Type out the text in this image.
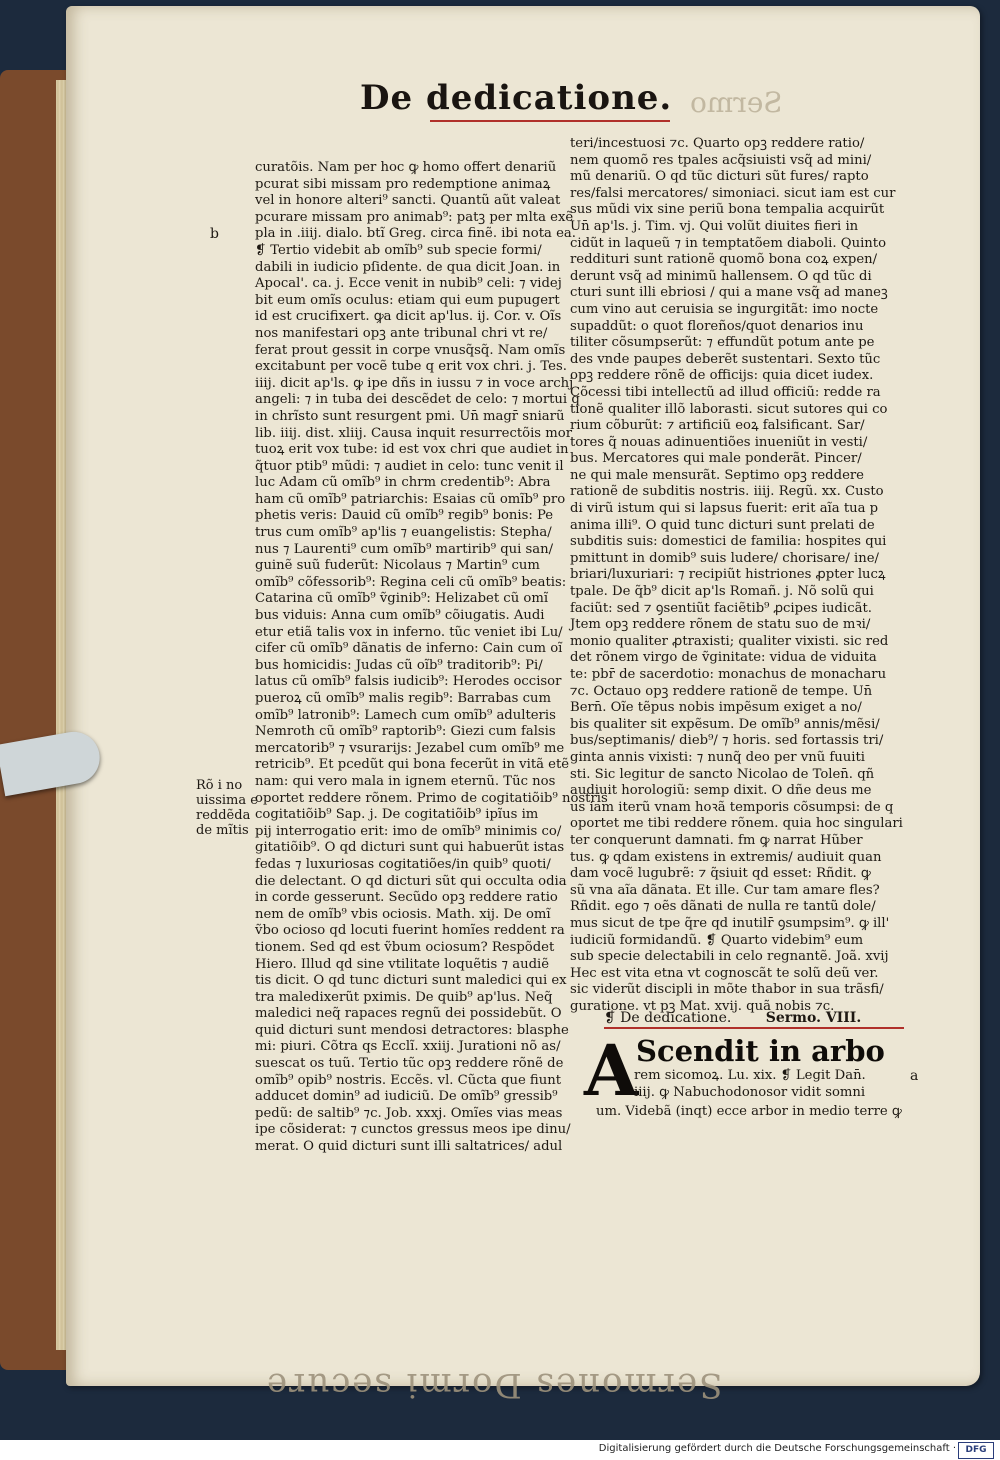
Sermo
De dedicatione.
b
Rõ i no
uissima e
reddẽda
de mĩtis
curatõis. Nam per hoc ꝙ homo offert denariũ
pcurat sibi missam pro redemptione animaꝝ
vel in honore alteri⁹ sancti. Quantũ aũt valeat
pcurare missam pro animab⁹: patꝫ per mlta exẽ
pla in .iiij. dialo. btĩ Greg. circa finẽ. ibi nota ea.
❡ Tertio videbit ab omĩb⁹ sub specie formi/
dabili in iudicio pſidente. de qua dicit Joan. in
Apocal'. ca. j. Ecce venit in nubib⁹ celi: ⁊ videj
bit eum omĩs oculus: etiam qui eum pupugert
id est crucifixert. ꝙa dicit ap'lus. ij. Cor. v. Oĩs
nos manifestari opꝫ ante tribunal chri vt re/
ferat prout gessit in corpe vnusq̃sq̃. Nam omĩs
excitabunt per vocẽ tube q erit vox chri. j. Tes.
iiij. dicit ap'ls. ꝙ ipe dñs in iussu ⁊ in voce archj
angeli: ⁊ in tuba dei descẽdet de celo: ⁊ mortui q
in chrĩsto sunt resurgent pmi. Un̄ magr̄ sniarũ
lib. iiij. dist. xliij. Causa inquit resurrectõis mor
tuoꝝ erit vox tube: id est vox chri que audiet in
q̃tuor ptib⁹ mũdi: ⁊ audiet in celo: tunc venit il
luc Adam cũ omĩb⁹ in chrm credentib⁹: Abra
ham cũ omĩb⁹ patriarchis: Esaias cũ omĩb⁹ pro
phetis veris: Dauid cũ omĩb⁹ regib⁹ bonis: Pe
trus cum omĩb⁹ ap'lis ⁊ euangelistis: Stepha/
nus ⁊ Laurenti⁹ cum omĩb⁹ martirib⁹ qui san/
guinẽ suũ fuderũt: Nicolaus ⁊ Martin⁹ cum
omĩb⁹ cõfessorib⁹: Regina celi cũ omĩb⁹ beatis:
Catarina cũ omĩb⁹ ṽginib⁹: Helizabet cũ omĩ
bus viduis: Anna cum omĩb⁹ cõiugatis. Audi
etur etiã talis vox in inferno. tũc veniet ibi Lu/
cifer cũ omĩb⁹ dãnatis de inferno: Cain cum oĩ
bus homicidis: Judas cũ oĩb⁹ traditorib⁹: Pi/
latus cũ omĩb⁹ falsis iudicib⁹: Herodes occisor
pueroꝝ cũ omĩb⁹ malis regib⁹: Barrabas cum
omĩb⁹ latronib⁹: Lamech cum omĩb⁹ adulteris
Nemroth cũ omĩb⁹ raptorib⁹: Giezi cum falsis
mercatorib⁹ ⁊ vsurarijs: Jezabel cum omĩb⁹ me
retricib⁹. Et pcedũt qui bona fecerũt in vitã etẽ
nam: qui vero mala in ignem eternũ. Tũc nos
oportet reddere rõnem. Primo de cogitatiõib⁹ nostris
cogitatiõib⁹ Sap. j. De cogitatiõib⁹ ipĩus im
pij interrogatio erit: imo de omĩb⁹ minimis co/
gitatiõib⁹. O qd dicturi sunt qui habuerũt istas
fedas ⁊ luxuriosas cogitatiões/in quib⁹ quoti/
die delectant. O qd dicturi sũt qui occulta odia
in corde gesserunt. Secũdo opꝫ reddere ratio
nem de omĩb⁹ vbis ociosis. Math. xij. De omĩ
ṽbo ocioso qd locuti fuerint homĩes reddent ra
tionem. Sed qd est ṽbum ociosum? Respõdet
Hiero. Illud qd sine vtilitate loquẽtis ⁊ audiẽ
tis dicit. O qd tunc dicturi sunt maledici qui ex
tra maledixerũt pximis. De quib⁹ ap'lus. Neq̃
maledici neq̃ rapaces regnũ dei possidebũt. O
quid dicturi sunt mendosi detractores: blasphe
mi: piuri. Cõtra qs Ecclĩ. xxiij. Jurationi nõ as/
suescat os tuũ. Tertio tũc opꝫ reddere rõnẽ de
omĩb⁹ opib⁹ nostris. Eccẽs. vl. Cũcta que fiunt
adducet domin⁹ ad iudiciũ. De omĩb⁹ gressib⁹
pedũ: de saltib⁹ ⁊c. Job. xxxj. Omĩes vias meas
ipe cõsiderat: ⁊ cunctos gressus meos ipe dinu/
merat. O quid dicturi sunt illi saltatrices/ adul
teri/incestuosi ⁊c. Quarto opꝫ reddere ratio/
nem quomõ res tpales acq̃siuisti vsq̃ ad mini/
mũ denariũ. O qd tũc dicturi sũt fures/ rapto
res/falsi mercatores/ simoniaci. sicut iam est cur
sus mũdi vix sine periũ bona tempalia acquirũt
Un̄ ap'ls. j. Tim. vj. Qui volũt diuites fieri in
cidũt in laqueũ ⁊ in temptatõem diaboli. Quinto
reddituri sunt rationẽ quomõ bona coꝝ expen/
derunt vsq̃ ad minimũ hallensem. O qd tũc di
cturi sunt illi ebriosi / qui a mane vsq̃ ad maneꝫ
cum vino aut ceruisia se ingurgitãt: imo nocte
supaddũt: o quot floreños/quot denarios inu
tiliter cõsumpserũt: ⁊ effundũt potum ante pe
des vnde paupes deberẽt sustentari. Sexto tũc
opꝫ reddere rõnẽ de officijs: quia dicet iudex.
Cõcessi tibi intellectũ ad illud officiũ: redde ra
tionẽ qualiter illõ laborasti. sicut sutores qui co
rium cõburũt: ⁊ artificiũ eoꝝ falsificant. Sar/
tores q̃ nouas adinuentiões inueniũt in vesti/
bus. Mercatores qui male ponderãt. Pincer/
ne qui male mensurãt. Septimo opꝫ reddere
rationẽ de subditis nostris. iiij. Regũ. xx. Custo
di virũ istum qui si lapsus fuerit: erit aĩa tua p
anima illi⁹. O quid tunc dicturi sunt prelati de
subditis suis: domestici de familia: hospites qui
pmittunt in domib⁹ suis ludere/ chorisare/ ine/
briari/luxuriari: ⁊ recipiũt histriones ꝓpter lucꝝ
tpale. De q̃b⁹ dicit ap'ls Romañ. j. Nõ solũ qui
faciũt: sed ⁊ ꝯsentiũt faciẽtib⁹ ꝓcipes iudicãt.
Jtem opꝫ reddere rõnem de statu suo de mꝛi/
monio qualiter ꝓtraxisti; qualiter vixisti. sic red
det rõnem virgo de ṽginitate: vidua de viduita
te: pbr̄ de sacerdotio: monachus de monacharu
⁊c. Octauo opꝫ reddere rationẽ de tempe. Un̄
Bern̄. Oĩe tẽpus nobis impẽsum exiget a no/
bis qualiter sit expẽsum. De omĩb⁹ annis/mẽsi/
bus/septimanis/ dieb⁹/ ⁊ horis. sed fortassis tri/
ginta annis vixisti: ⁊ nunq̃ deo per vnũ fuuiti
sti. Sic legitur de sancto Nicolao de Tolen̄. qñ
audiuit horologiũ: semp dixit. O dñe deus me
us iam iterũ vnam hoꝛã temporis cõsumpsi: de q
oportet me tibi reddere rõnem. quia hoc singulari
ter conquerunt damnati. fm ꝙ narrat Hũber
tus. ꝙ qdam existens in extremis/ audiuit quan
dam vocẽ lugubrẽ: ⁊ q̃siuit qd esset: Rñdit. ꝙ
sũ vna aĩa dãnata. Et ille. Cur tam amare fles?
Rñdit. ego ⁊ oẽs dãnati de nulla re tantũ dole/
mus sicut de tpe q̃re qd inutilr̄ ꝯsumpsim⁹. ꝙ ill'
iudiciũ formidandũ. ❡ Quarto videbim⁹ eum
sub specie delectabili in celo regnantẽ. Joã. xvij
Hec est vita etna vt cognoscãt te solũ deũ ver.
sic viderũt discipli in mõte thabor in sua trãsfi/
guratione. vt pꝫ Mat. xvij. quã nobis ⁊c.
❡ De dedicatione. Sermo. VIII.
A
Scendit in arbo
a
rem sicomoꝝ. Lu. xix. ❡ Legit Dan̄.
iiij. ꝙ Nabuchodonosor vidit somni
um. Videbã (inqt) ecce arbor in medio terre ꝙ
Sermones Dormi secure
Digitalisierung gefördert durch die Deutsche Forschungsgemeinschaft ·	DFG
